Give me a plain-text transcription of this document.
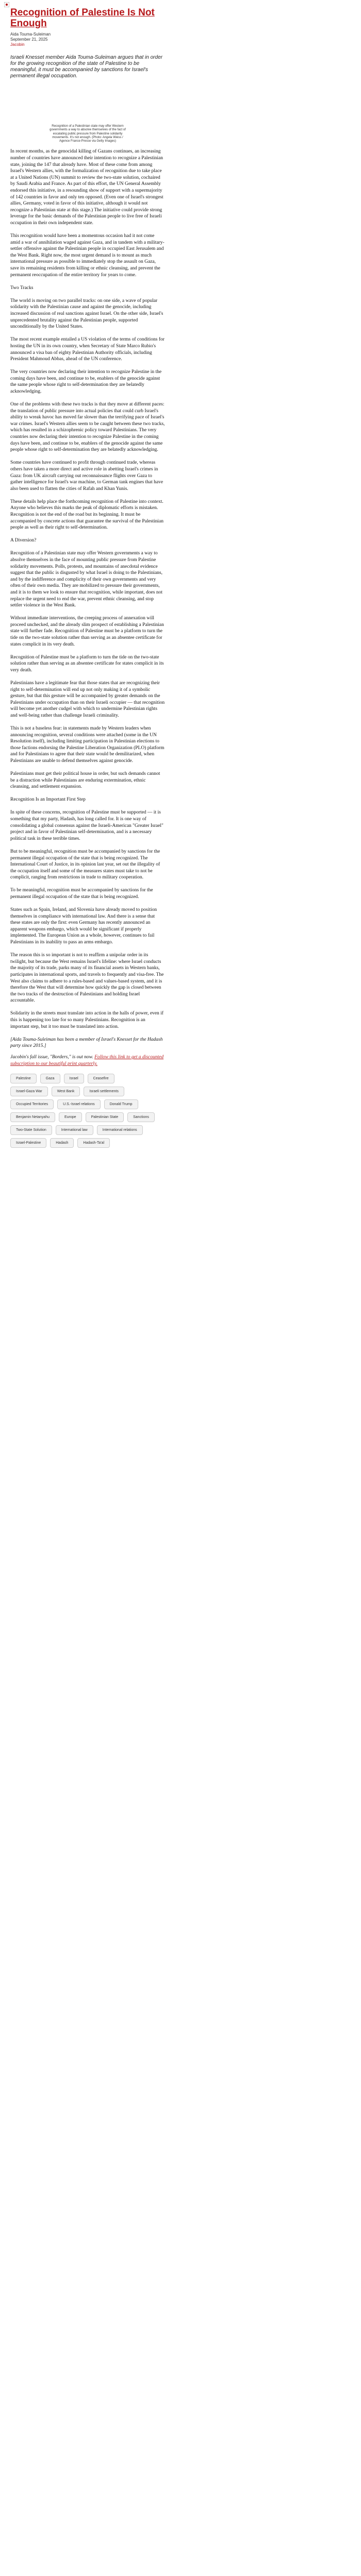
Recognition of Palestine Is Not Enough
Aida Touma-Suleiman
September 21, 2025
Jacobin
Israeli Knesset member Aida Touma-Suleiman argues that in order for the growing recognition of the state of Palestine to be meaningful, it must be accompanied by sanctions for Israel's permanent illegal occupation.
Recognition of a Palestinian state may offer Western governments a way to absolve themselves of the fact of escalating public pressure from Palestine solidarity movements. It's not enough. (Photo: Angela Weiss / Agence France-Presse via Getty Images)

In recent months, as the genocidal killing of Gazans continues, an increasing number of countries have announced their intention to recognize a Palestinian state, joining the 147 that already have. Most of these come from among Israel's Western allies, with the formalization of recognition due to take place at a United Nations (UN) summit to review the two-state solution, cochaired by Saudi Arabia and France. As part of this effort, the UN General Assembly endorsed this initiative, in a resounding show of support with a supermajority of 142 countries in favor and only ten opposed. (Even one of Israel's strongest allies, Germany, voted in favor of this initiative, although it would not recognize a Palestinian state at this stage.) The initiative could provide strong leverage for the basic demands of the Palestinian people to live free of Israeli occupation in their own independent state.

This recognition would have been a momentous occasion had it not come amid a war of annihilation waged against Gaza, and in tandem with a military-settler offensive against the Palestinian people in occupied East Jerusalem and the West Bank. Right now, the most urgent demand is to mount as much international pressure as possible to immediately stop the assault on Gaza, save its remaining residents from killing or ethnic cleansing, and prevent the permanent reoccupation of the entire territory for years to come.

Two Tracks

The world is moving on two parallel tracks: on one side, a wave of popular solidarity with the Palestinian cause and against the genocide, including increased discussion of real sanctions against Israel. On the other side, Israel's unprecedented brutality against the Palestinian people, supported unconditionally by the United States.

The most recent example entailed a US violation of the terms of conditions for hosting the UN in its own country, when Secretary of State Marco Rubio's announced a visa ban of eighty Palestinian Authority officials, including President Mahmoud Abbas, ahead of the UN conference.

The very countries now declaring their intention to recognize Palestine in the coming days have been, and continue to be, enablers of the genocide against the same people whose right to self-determination they are belatedly acknowledging.

One of the problems with these two tracks is that they move at different paces: the translation of public pressure into actual policies that could curb Israel's ability to wreak havoc has moved far slower than the terrifying pace of Israel's war crimes. Israel's Western allies seem to be caught between these two tracks, which has resulted in a schizophrenic policy toward Palestinians. The very countries now declaring their intention to recognize Palestine in the coming days have been, and continue to be, enablers of the genocide against the same people whose right to self-determination they are belatedly acknowledging.

Some countries have continued to profit through continued trade, whereas others have taken a more direct and active role in abetting Israel's crimes in Gaza: from UK aircraft carrying out reconnaissance flights over Gaza to gather intelligence for Israel's war machine, to German tank engines that have also been used to flatten the cities of Rafah and Khan Yunis.

These details help place the forthcoming recognition of Palestine into context. Anyone who believes this marks the peak of diplomatic efforts is mistaken. Recognition is not the end of the road but its beginning. It must be accompanied by concrete actions that guarantee the survival of the Palestinian people as well as their right to self-determination.

A Diversion?

Recognition of a Palestinian state may offer Western governments a way to absolve themselves in the face of mounting public pressure from Palestine solidarity movements. Polls, protests, and mountains of anecdotal evidence suggest that the public is disgusted by what Israel is doing to the Palestinians, and by the indifference and complicity of their own governments and very often of their own media. They are mobilized to pressure their governments, and it is to them we look to ensure that recognition, while important, does not replace the urgent need to end the war, prevent ethnic cleansing, and stop settler violence in the West Bank.

Without immediate interventions, the creeping process of annexation will proceed unchecked, and the already slim prospect of establishing a Palestinian state will further fade. Recognition of Palestine must be a platform to turn the tide on the two-state solution rather than serving as an absentee certificate for states complicit in its very death.

Recognition of Palestine must be a platform to turn the tide on the two-state solution rather than serving as an absentee certificate for states complicit in its very death.

Palestinians have a legitimate fear that those states that are recognizing their right to self-determination will end up not only making it of a symbolic gesture, but that this gesture will be accompanied by greater demands on the Palestinians under occupation than on their Israeli occupier — that recognition will become yet another cudgel with which to undermine Palestinian rights and well-being rather than challenge Israeli criminality.

This is not a baseless fear: in statements made by Western leaders when announcing recognition, several conditions were attached (some in the UN Resolution itself), including limiting participation in Palestinian elections to those factions endorsing the Palestine Liberation Organization (PLO) platform and for Palestinians to agree that their state would be demilitarized, when Palestinians are unable to defend themselves against genocide.

Palestinians must get their political house in order, but such demands cannot be a distraction while Palestinians are enduring extermination, ethnic cleansing, and settlement expansion.

Recognition Is an Important First Step

In spite of these concerns, recognition of Palestine must be supported — it is something that my party, Hadash, has long called for. It is one way of consolidating a global consensus against the Israeli-American "Greater Israel" project and in favor of Palestinian self-determination, and is a necessary political task in these terrible times.

But to be meaningful, recognition must be accompanied by sanctions for the permanent illegal occupation of the state that is being recognized. The International Court of Justice, in its opinion last year, set out the illegality of the occupation itself and some of the measures states must take to not be complicit, ranging from restrictions in trade to military cooperation.

To be meaningful, recognition must be accompanied by sanctions for the permanent illegal occupation of the state that is being recognized.

States such as Spain, Ireland, and Slovenia have already moved to position themselves in compliance with international law. And there is a sense that these states are only the first: even Germany has recently announced an apparent weapons embargo, which would be significant if properly implemented. The European Union as a whole, however, continues to fail Palestinians in its inability to pass an arms embargo.

The reason this is so important is not to reaffirm a unipolar order in its twilight, but because the West remains Israel's lifeline: where Israel conducts the majority of its trade, parks many of its financial assets in Western banks, participates in international sports, and travels to frequently and visa-free. The West also claims to adhere to a rules-based and values-based system, and it is therefore the West that will determine how quickly the gap is closed between the two tracks of the destruction of Palestinians and holding Israel accountable.

Solidarity in the streets must translate into action in the halls of power, even if this is happening too late for so many Palestinians. Recognition is an important step, but it too must be translated into action.

[Aida Touma-Suleiman has been a member of Israel's Knesset for the Hadash party since 2015.]

Jacobin's fall issue, "Borders," is out now. Follow this link to get a discounted subscription to our beautiful print quarterly.

Palestine	Gaza	Israel	Ceasefire
Israel-Gaza War	West Bank	Israeli settlements
Occupied Territories	U.S.-Israel relations	Donald Trump
Benjamin Netanyahu	Europe	Palestinian State	Sanctions
Two-State Solution	International law	International relations
Israel-Palestine	Hadash	Hadash-Ta'al
